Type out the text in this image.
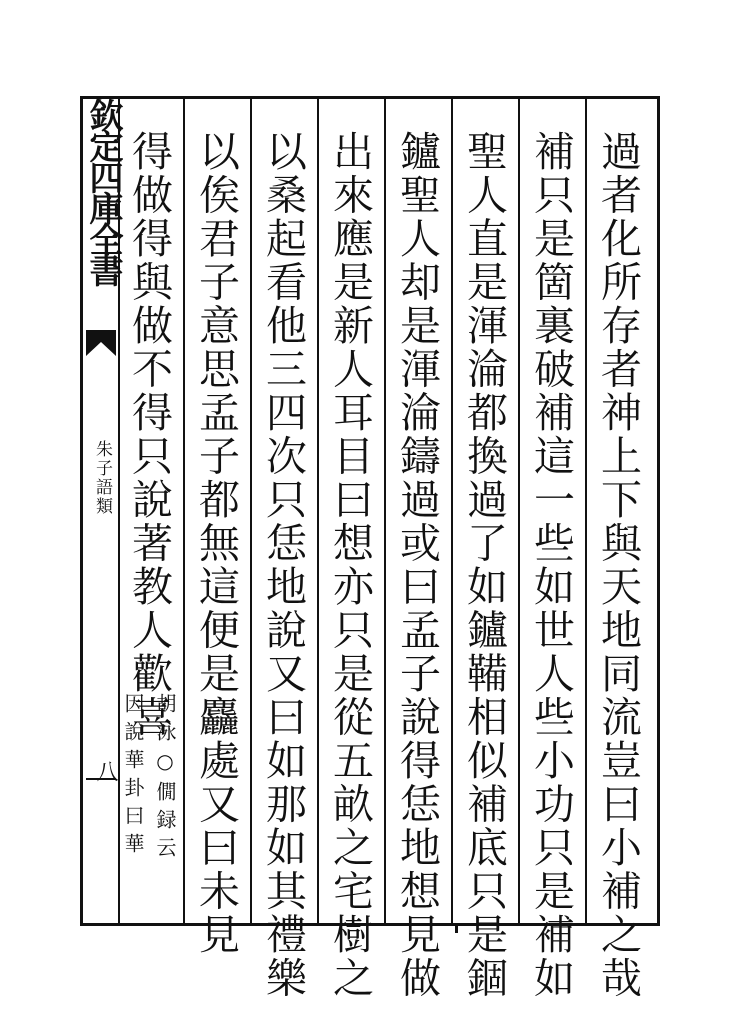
欽定四庫全書
朱子語類
八	過者化所存者神上下與天地同流豈曰小補之哉
補只是箇裏破補這一些如世人些小功只是補如
聖人直是渾淪都換過了如鑪鞴相似補底只是錮
鑪聖人却是渾淪鑄過或曰孟子說得恁地想見做
出來應是新人耳目曰想亦只是從五畝之宅樹之
以桑起看他三四次只恁地說又曰如那如其禮樂
以俟君子意思孟子都無這便是麤處又曰未見
得做得與做不得只說著教人歡喜
胡泳○僩録云
因說華卦曰華
